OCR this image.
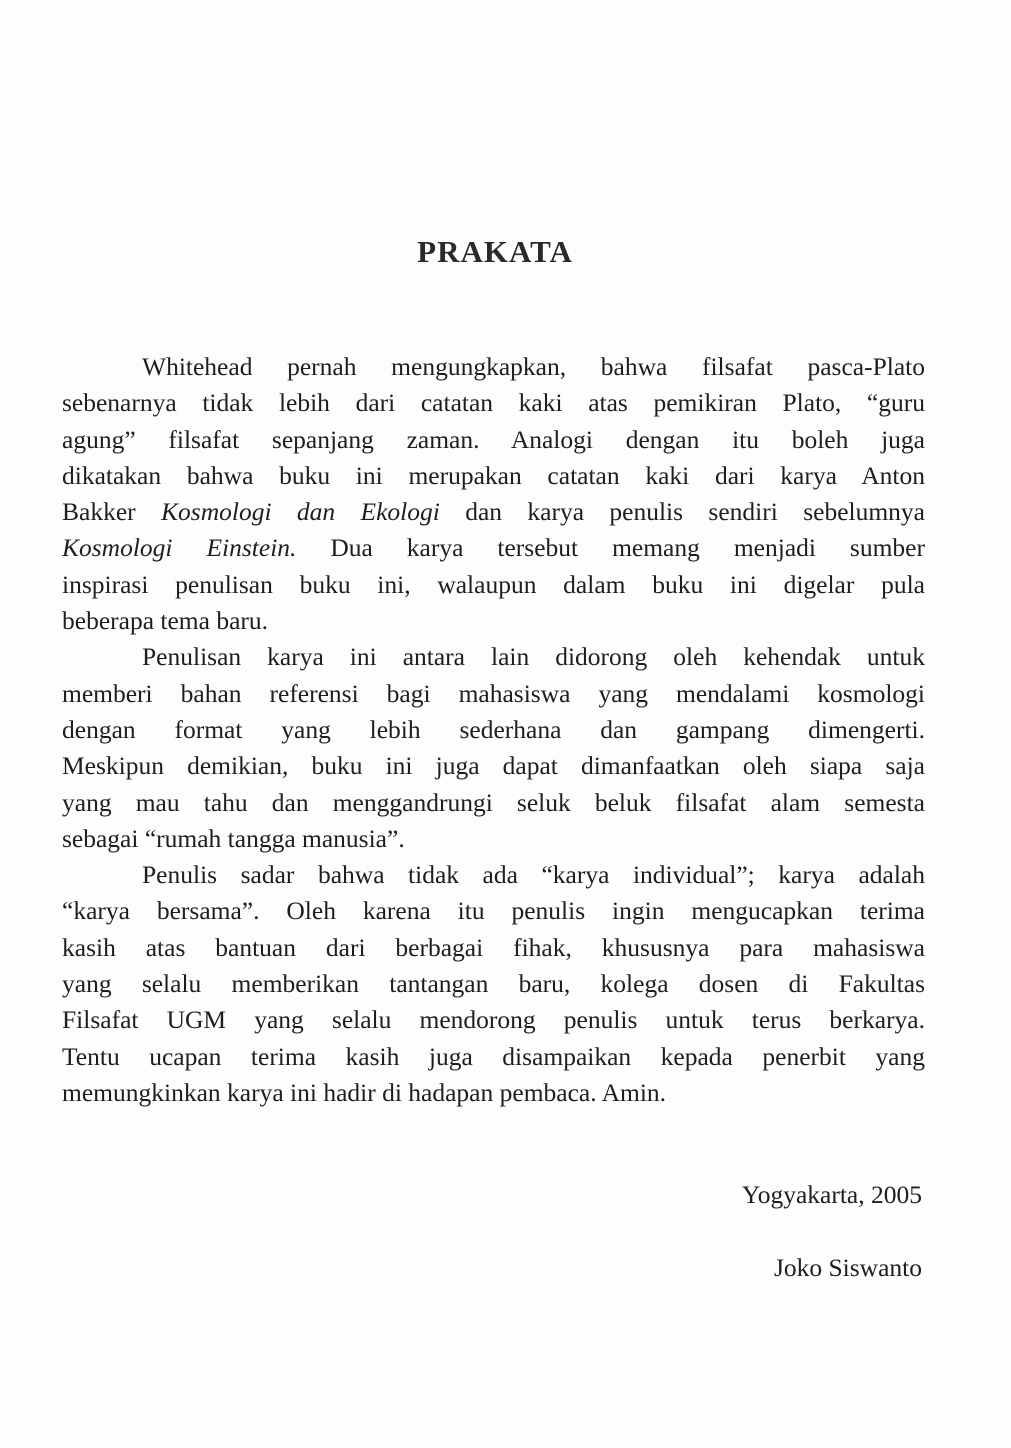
PRAKATA
Whitehead pernah mengungkapkan, bahwa filsafat pasca-Plato
sebenarnya tidak lebih dari catatan kaki atas pemikiran Plato, “guru
agung” filsafat sepanjang zaman. Analogi dengan itu boleh juga
dikatakan bahwa buku ini merupakan catatan kaki dari karya Anton
Bakker Kosmologi dan Ekologi dan karya penulis sendiri sebelumnya
Kosmologi Einstein. Dua karya tersebut memang menjadi sumber
inspirasi penulisan buku ini, walaupun dalam buku ini digelar pula
beberapa tema baru.
Penulisan karya ini antara lain didorong oleh kehendak untuk
memberi bahan referensi bagi mahasiswa yang mendalami kosmologi
dengan format yang lebih sederhana dan gampang dimengerti.
Meskipun demikian, buku ini juga dapat dimanfaatkan oleh siapa saja
yang mau tahu dan menggandrungi seluk beluk filsafat alam semesta
sebagai “rumah tangga manusia”.
Penulis sadar bahwa tidak ada “karya individual”; karya adalah
“karya bersama”. Oleh karena itu penulis ingin mengucapkan terima
kasih atas bantuan dari berbagai fihak, khususnya para mahasiswa
yang selalu memberikan tantangan baru, kolega dosen di Fakultas
Filsafat UGM yang selalu mendorong penulis untuk terus berkarya.
Tentu ucapan terima kasih juga disampaikan kepada penerbit yang
memungkinkan karya ini hadir di hadapan pembaca. Amin.
Yogyakarta, 2005
Joko Siswanto
